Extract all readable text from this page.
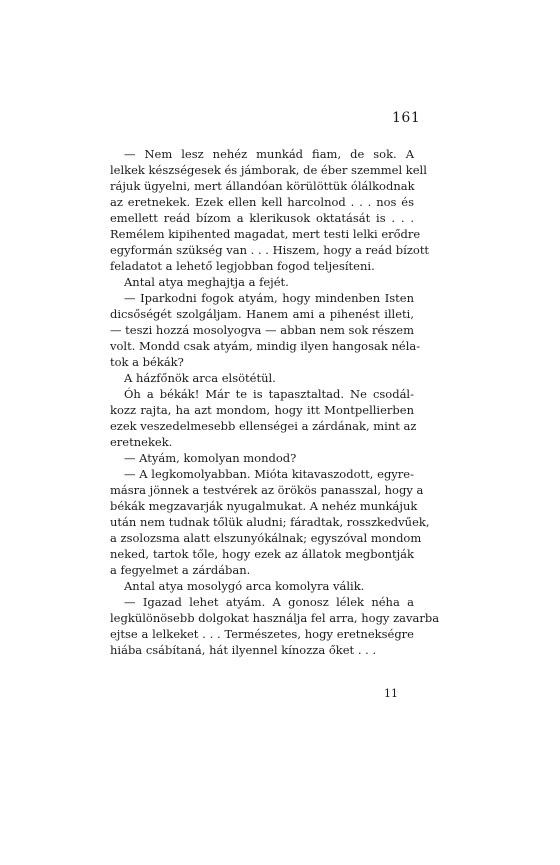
161
— Nem lesz nehéz munkád fiam, de sok. A
lelkek készségesek és jámborak, de éber szemmel kell
rájuk ügyelni, mert állandóan körülöttük ólálkodnak
az eretnekek. Ezek ellen kell harcolnod . . . nos és
emellett reád bízom a klerikusok oktatását is . . .
Remélem kipihented magadat, mert testi lelki erődre
egyformán szükség van . . . Hiszem, hogy a reád bízott
feladatot a lehető legjobban fogod teljesíteni.
Antal atya meghajtja a fejét.
— Iparkodni fogok atyám, hogy mindenben Isten
dicsőségét szolgáljam. Hanem ami a pihenést illeti,
— teszi hozzá mosolyogva — abban nem sok részem
volt. Mondd csak atyám, mindig ilyen hangosak néla-
tok a békák?
A házfőnök arca elsötétül.
Óh a békák! Már te is tapasztaltad. Ne csodál-
kozz rajta, ha azt mondom, hogy itt Montpellierben
ezek veszedelmesebb ellenségei a zárdának, mint az
eretnekek.
— Atyám, komolyan mondod?
— A legkomolyabban. Mióta kitavaszodott, egyre-
másra jönnek a testvérek az örökös panasszal, hogy a
békák megzavarják nyugalmukat. A nehéz munkájuk
után nem tudnak tőlük aludni; fáradtak, rosszkedvűek,
a zsolozsma alatt elszunyókálnak; egyszóval mondom
neked, tartok tőle, hogy ezek az állatok megbontják
a fegyelmet a zárdában.
Antal atya mosolygó arca komolyra válik.
— Igazad lehet atyám. A gonosz lélek néha a
legkülönösebb dolgokat használja fel arra, hogy zavarba
ejtse a lelkeket . . . Természetes, hogy eretnekségre
hiába csábítaná, hát ilyennel kínozza őket . . .
11
